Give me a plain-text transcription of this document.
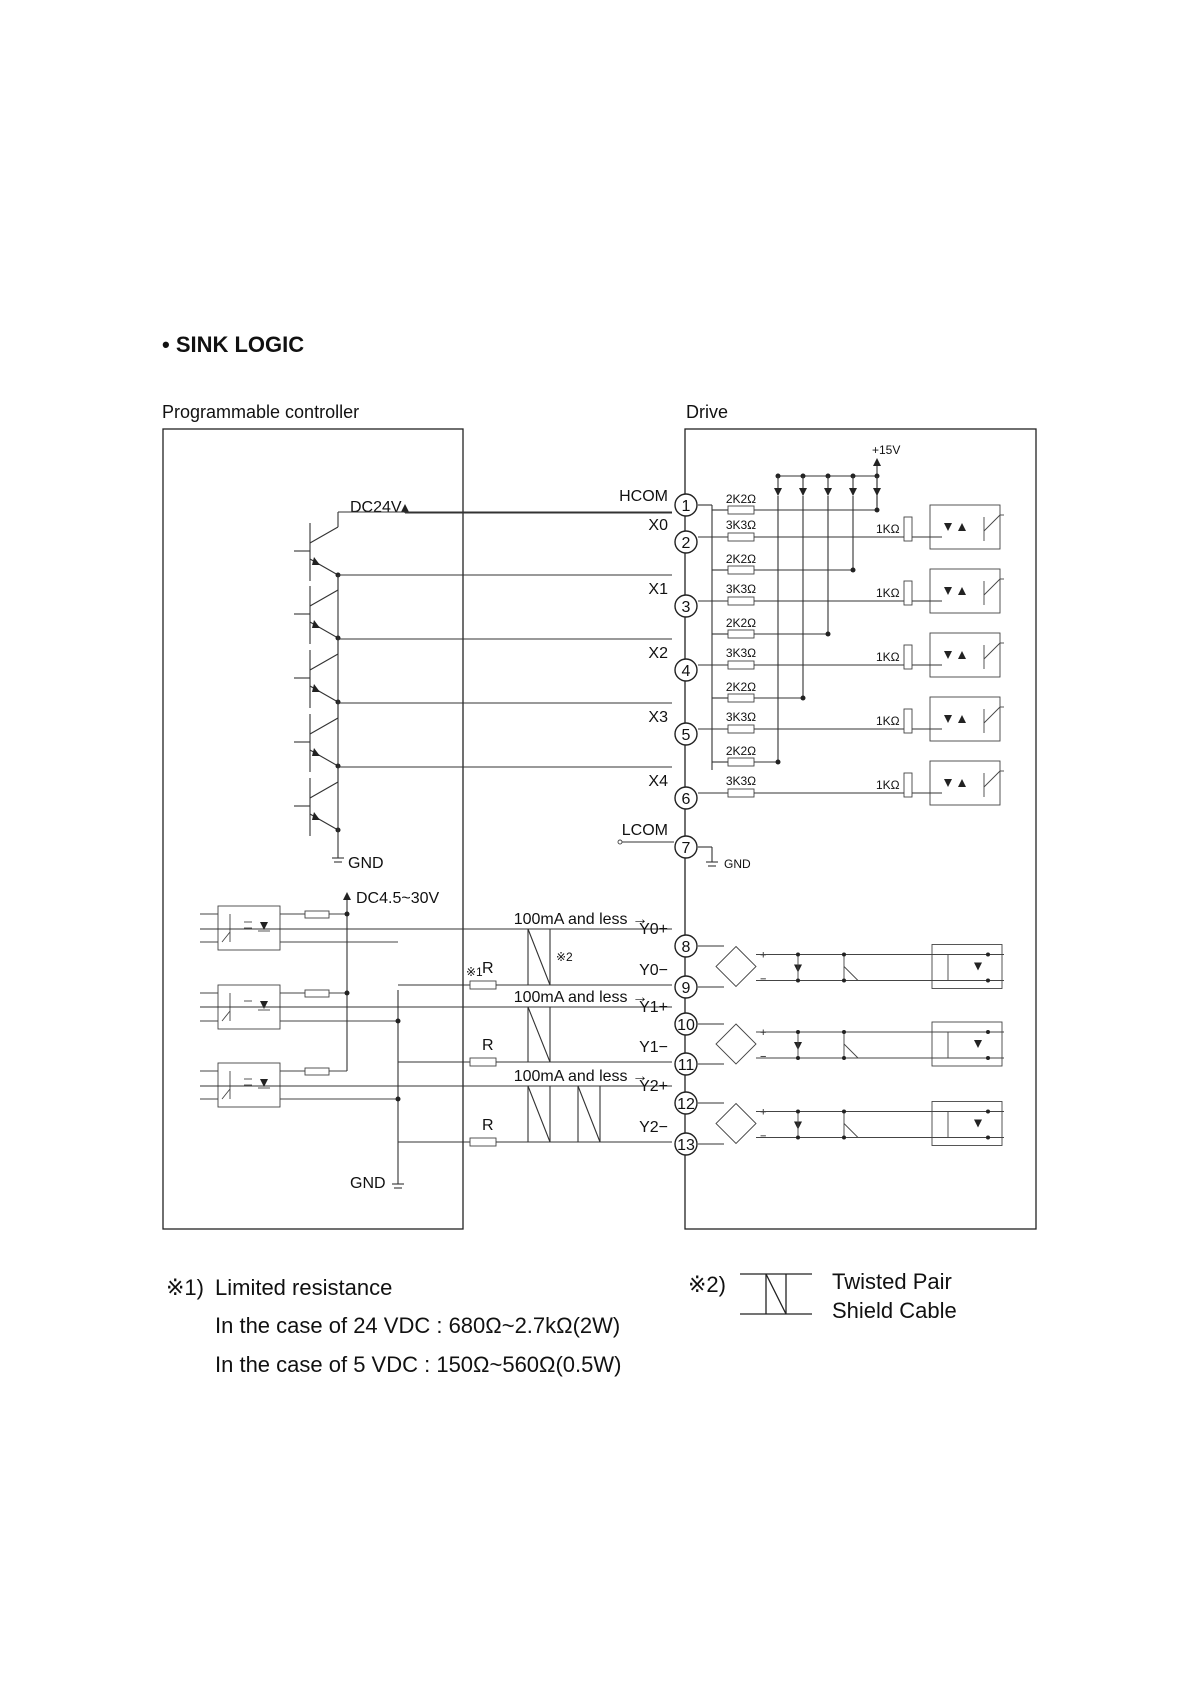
• SINK LOGIC
Programmable controller	Drive
DC24V
GND
DC4.5~30V
R
100mA and less →
R
100mA and less →
R
100mA and less →
※1
※2
GND
1
HCOM
2
X0
3
X1
4
X2
5
X3
6
X4
7
LCOM
8
Y0+
9
Y0−
10
Y1+
11
Y1−
12
Y2+
13
Y2−
3K3Ω
2K2Ω
1KΩ
3K3Ω
2K2Ω
1KΩ
3K3Ω
2K2Ω
1KΩ
3K3Ω
2K2Ω
1KΩ
3K3Ω
2K2Ω
1KΩ
+15V
GND
+
−
+
−
+
−
※1) Limited resistance
In the case of 24 VDC : 680Ω~2.7kΩ(2W)
In the case of 5 VDC : 150Ω~560Ω(0.5W)
※2)	Twisted Pair
Shield Cable
